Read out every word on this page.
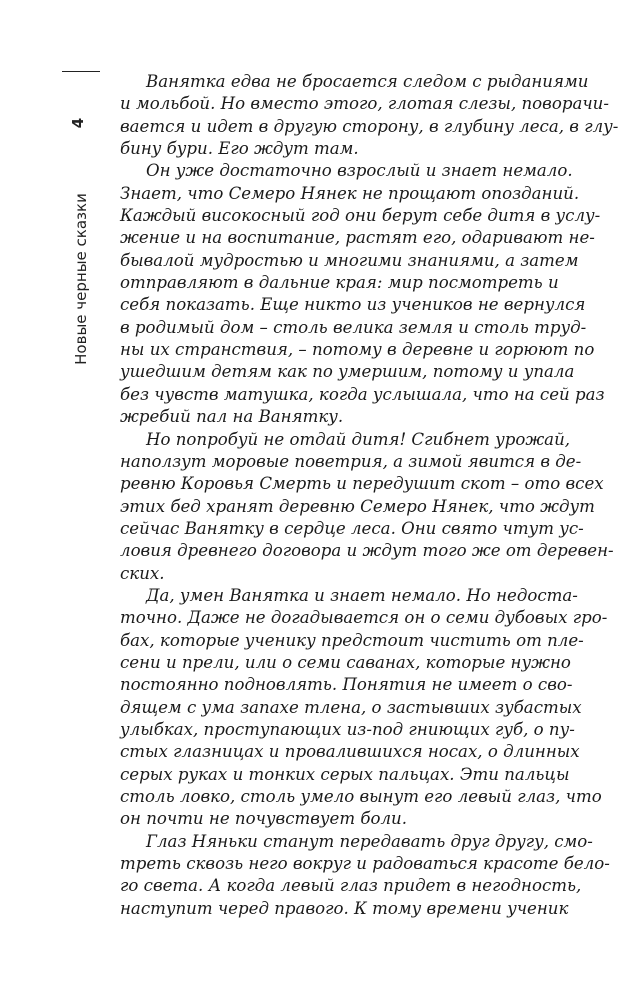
4
Новые черные сказки
Ванятка едва не бросается следом с рыданиями
и мольбой. Но вместо этого, глотая слезы, поворачи-
вается и идет в другую сторону, в глубину леса, в глу-
бину бури. Его ждут там.
Он уже достаточно взрослый и знает немало.
Знает, что Семеро Нянек не прощают опозданий.
Каждый високосный год они берут себе дитя в услу-
жение и на воспитание, растят его, одаривают не-
бывалой мудростью и многими знаниями, а затем
отправляют в дальние края: мир посмотреть и
себя показать. Еще никто из учеников не вернулся
в родимый дом – столь велика земля и столь труд-
ны их странствия, – потому в деревне и горюют по
ушедшим детям как по умершим, потому и упала
без чувств матушка, когда услышала, что на сей раз
жребий пал на Ванятку.
Но попробуй не отдай дитя! Сгибнет урожай,
наползут моровые поветрия, а зимой явится в де-
ревню Коровья Смерть и передушит скот – ото всех
этих бед хранят деревню Семеро Нянек, что ждут
сейчас Ванятку в сердце леса. Они свято чтут ус-
ловия древнего договора и ждут того же от деревен-
ских.
Да, умен Ванятка и знает немало. Но недоста-
точно. Даже не догадывается он о семи дубовых гро-
бах, которые ученику предстоит чистить от пле-
сени и прели, или о семи саванах, которые нужно
постоянно подновлять. Понятия не имеет о сво-
дящем с ума запахе тлена, о застывших зубастых
улыбках, проступающих из-под гниющих губ, о пу-
стых глазницах и провалившихся носах, о длинных
серых руках и тонких серых пальцах. Эти пальцы
столь ловко, столь умело вынут его левый глаз, что
он почти не почувствует боли.
Глаз Няньки станут передавать друг другу, смо-
треть сквозь него вокруг и радоваться красоте бело-
го света. А когда левый глаз придет в негодность,
наступит черед правого. К тому времени ученик
